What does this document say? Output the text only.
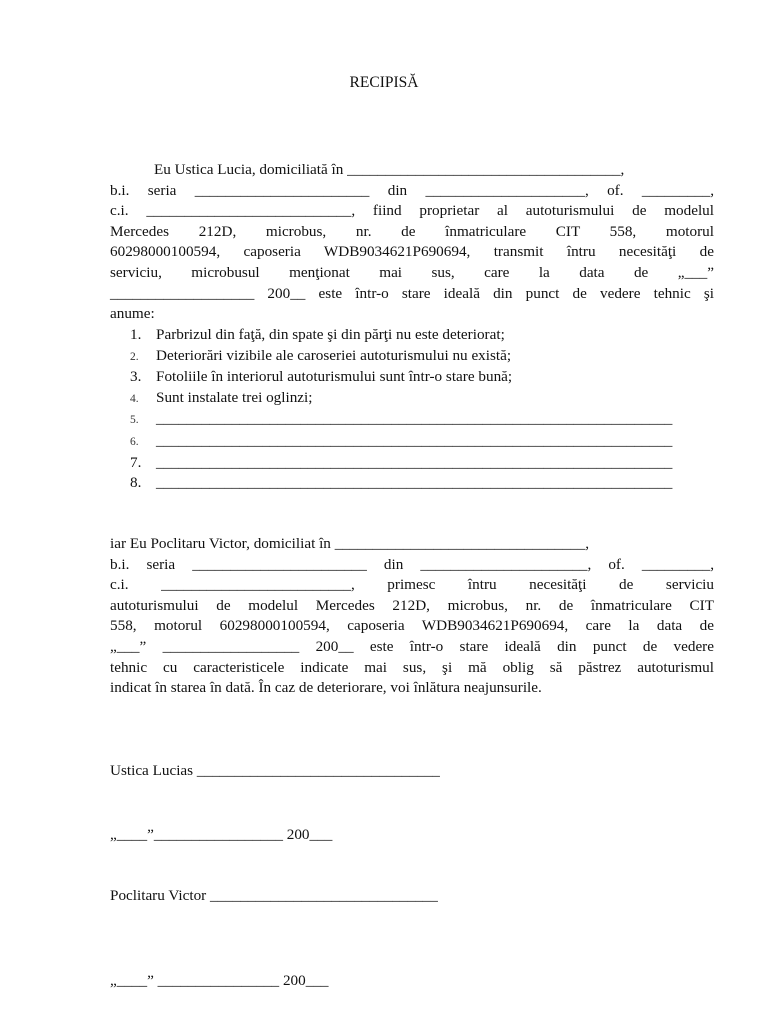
RECIPISĂ
Eu Ustica Lucia, domiciliată în ____________________________________,
b.i. seria _______________________ din _____________________, of. _________,
c.i. ___________________________, fiind proprietar al autoturismului de modelul
Mercedes 212D, microbus, nr. de înmatriculare CIT 558, motorul
60298000100594, caposeria WDB9034621P690694, transmit întru necesităţi de
serviciu, microbusul menţionat mai sus, care la data de „___”
___________________ 200__ este într-o stare ideală din punct de vedere tehnic şi
anume:
1. Parbrizul din faţă, din spate şi din părţi nu este deteriorat;
2. Deteriorări vizibile ale caroseriei autoturismului nu există;
3. Fotoliile în interiorul autoturismului sunt într-o stare bună;
4. Sunt instalate trei oglinzi;
5. ____________________________________________________________________
6. ____________________________________________________________________
7. ____________________________________________________________________
8. ____________________________________________________________________
iar Eu Poclitaru Victor, domiciliat în _________________________________,
b.i. seria _______________________ din ______________________, of. _________,
c.i. _________________________, primesc întru necesităţi de serviciu
autoturismului de modelul Mercedes 212D, microbus, nr. de înmatriculare CIT
558, motorul 60298000100594, caposeria WDB9034621P690694, care la data de
„___” __________________ 200__ este într-o stare ideală din punct de vedere
tehnic cu caracteristicele indicate mai sus, şi mă oblig să păstrez autoturismul
indicat în starea în dată. În caz de deteriorare, voi înlătura neajunsurile.
Ustica Lucias ________________________________
„____”_________________ 200___
Poclitaru Victor ______________________________
„____” ________________ 200___
